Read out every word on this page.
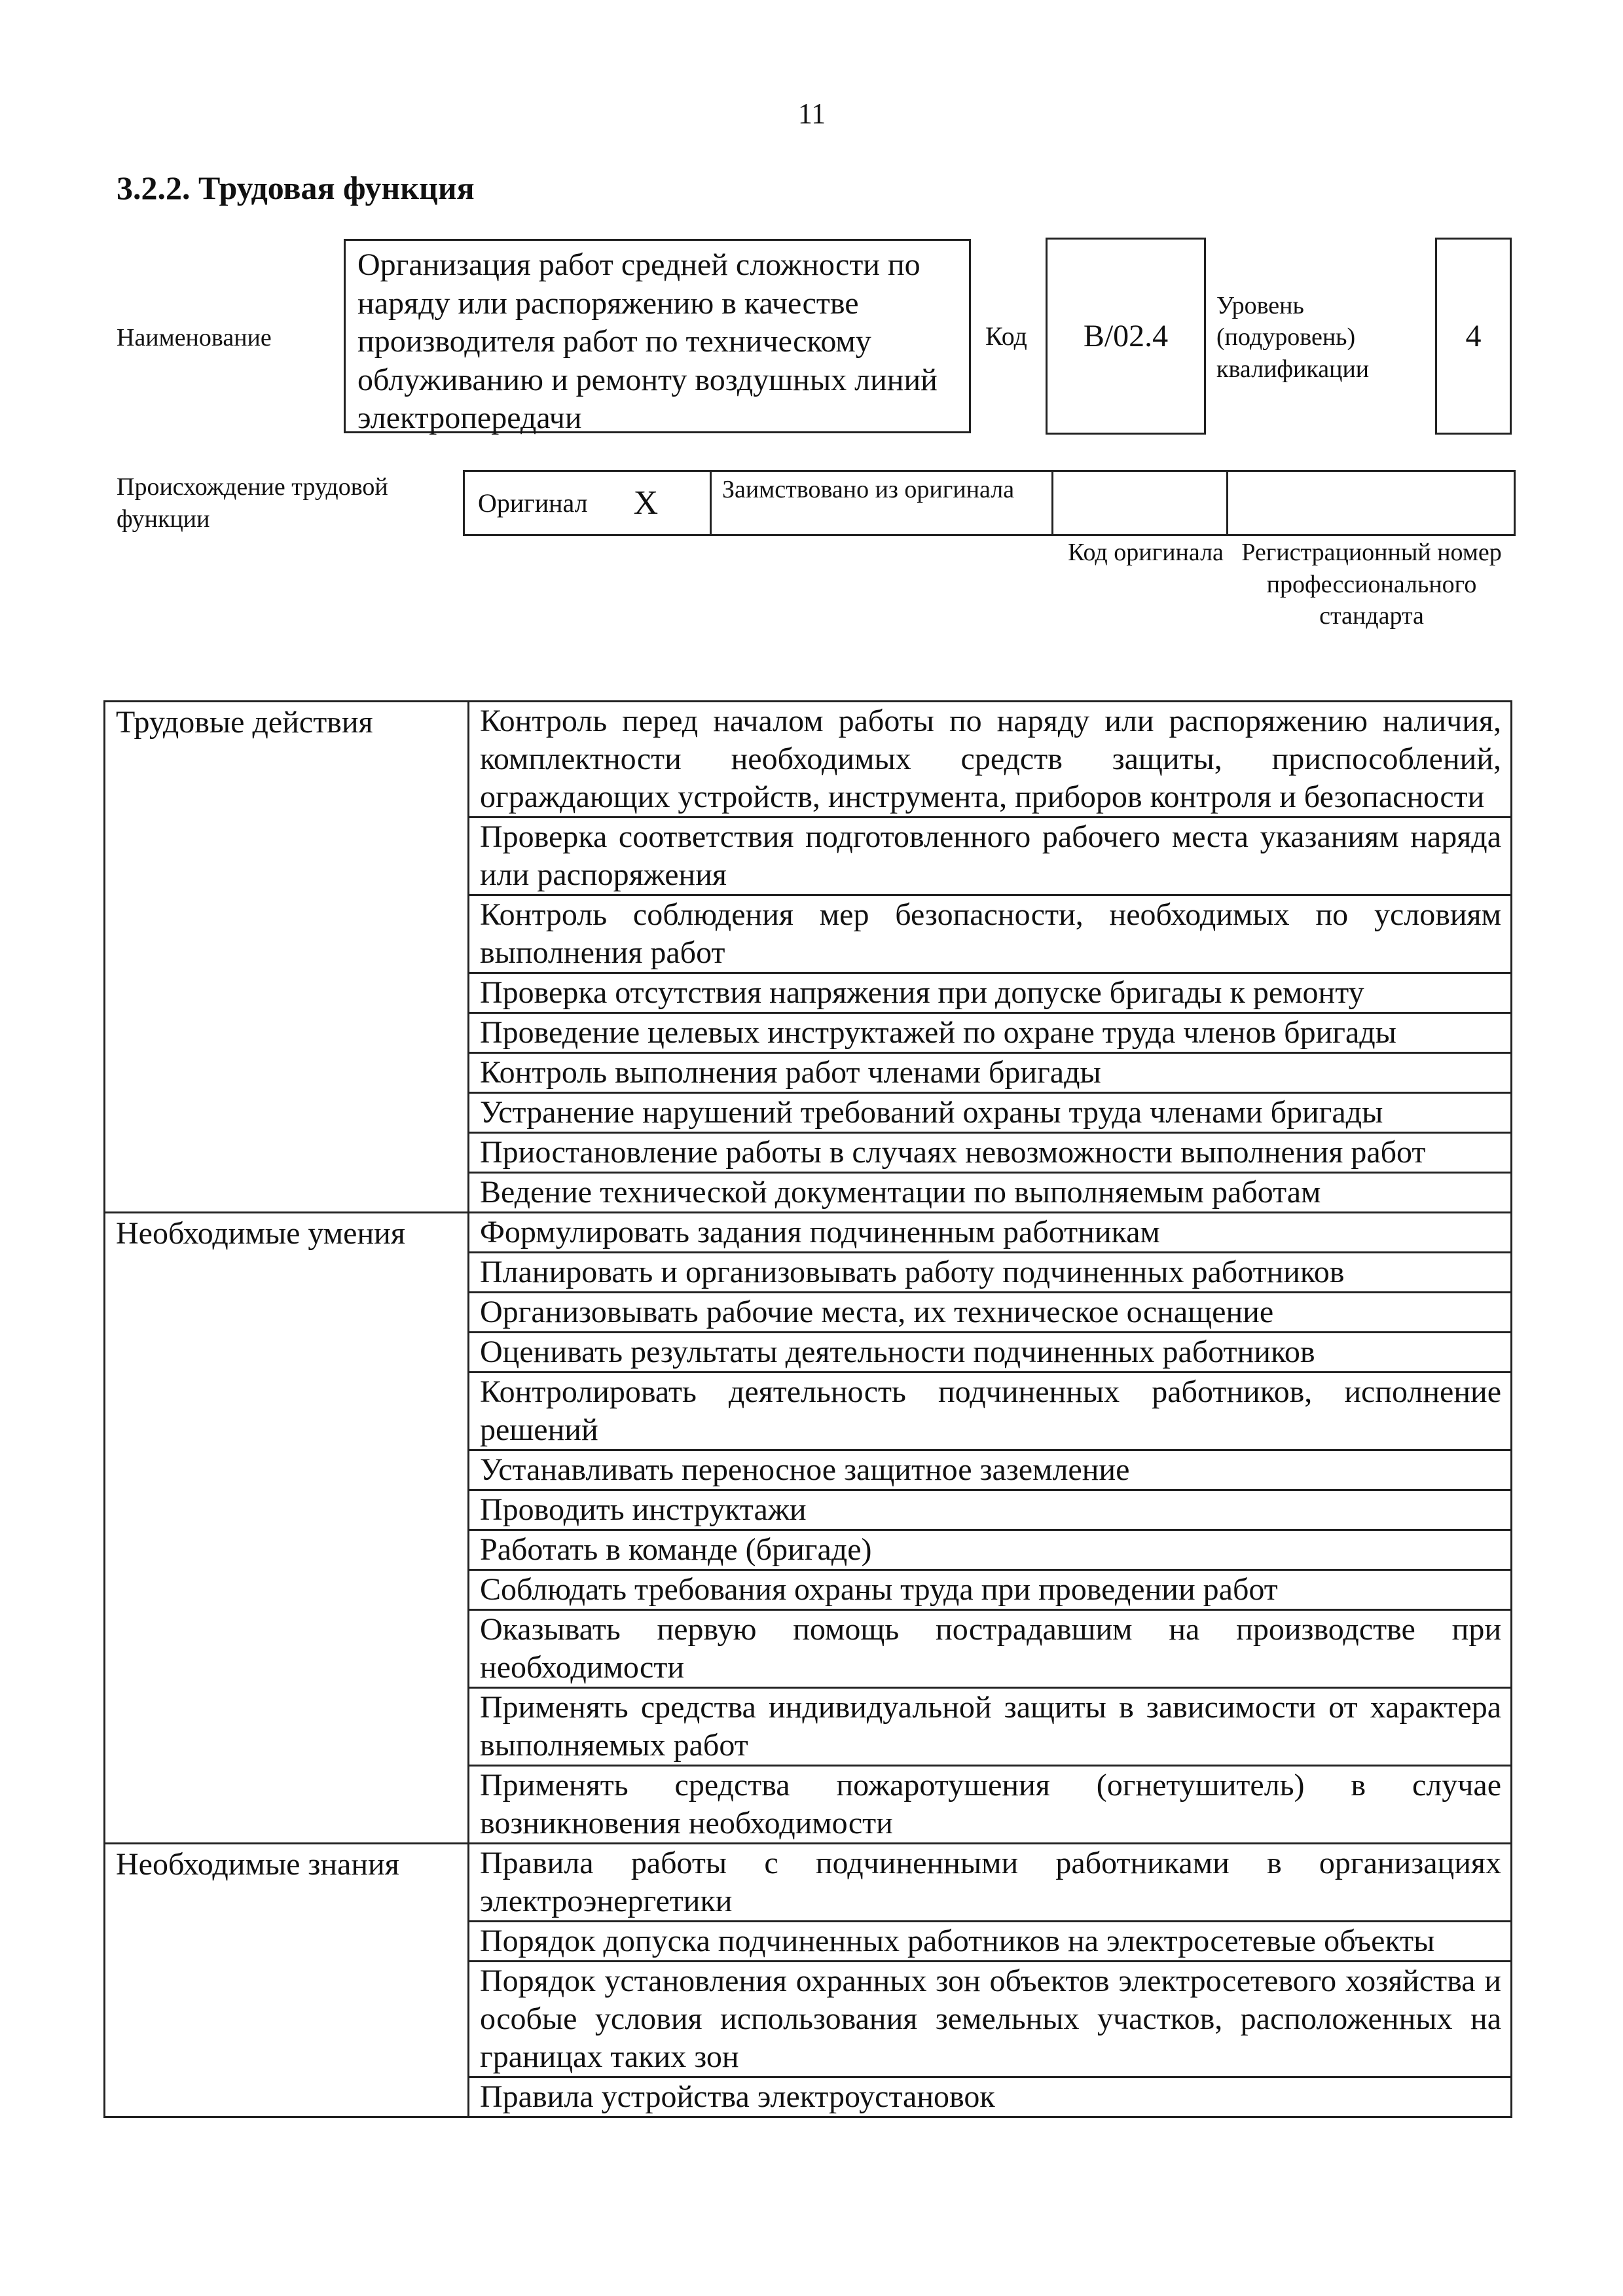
11
3.2.2. Трудовая функция
Наименование
Организация работ средней сложности по наряду или распоряжению в качестве производителя работ по техническому облуживанию и ремонту воздушных линий электропередачи
Код	B/02.4
Уровень (подуровень) квалификации
4
Происхождение трудовой функции
Оригинал X	Заимствовано из оригинала
Код оригинала Регистрационный номер профессионального стандарта
Трудовые действия	Контроль перед началом работы по наряду или распоряжению наличия, комплектности необходимых средств защиты, приспособлений, ограждающих устройств, инструмента, приборов контроля и безопасности
	Проверка соответствия подготовленного рабочего места указаниям наряда или распоряжения
	Контроль соблюдения мер безопасности, необходимых по условиям выполнения работ
	Проверка отсутствия напряжения при допуске бригады к ремонту
	Проведение целевых инструктажей по охране труда членов бригады
	Контроль выполнения работ членами бригады
	Устранение нарушений требований охраны труда членами бригады
	Приостановление работы в случаях невозможности выполнения работ
	Ведение технической документации по выполняемым работам
Необходимые умения	Формулировать задания подчиненным работникам
	Планировать и организовывать работу подчиненных работников
	Организовывать рабочие места, их техническое оснащение
	Оценивать результаты деятельности подчиненных работников
	Контролировать деятельность подчиненных работников, исполнение решений
	Устанавливать переносное защитное заземление
	Проводить инструктажи
	Работать в команде (бригаде)
	Соблюдать требования охраны труда при проведении работ
	Оказывать первую помощь пострадавшим на производстве при необходимости
	Применять средства индивидуальной защиты в зависимости от характера выполняемых работ
	Применять средства пожаротушения (огнетушитель) в случае возникновения необходимости
Необходимые знания	Правила работы с подчиненными работниками в организациях электроэнергетики
	Порядок допуска подчиненных работников на электросетевые объекты
	Порядок установления охранных зон объектов электросетевого хозяйства и особые условия использования земельных участков, расположенных на границах таких зон
	Правила устройства электроустановок
